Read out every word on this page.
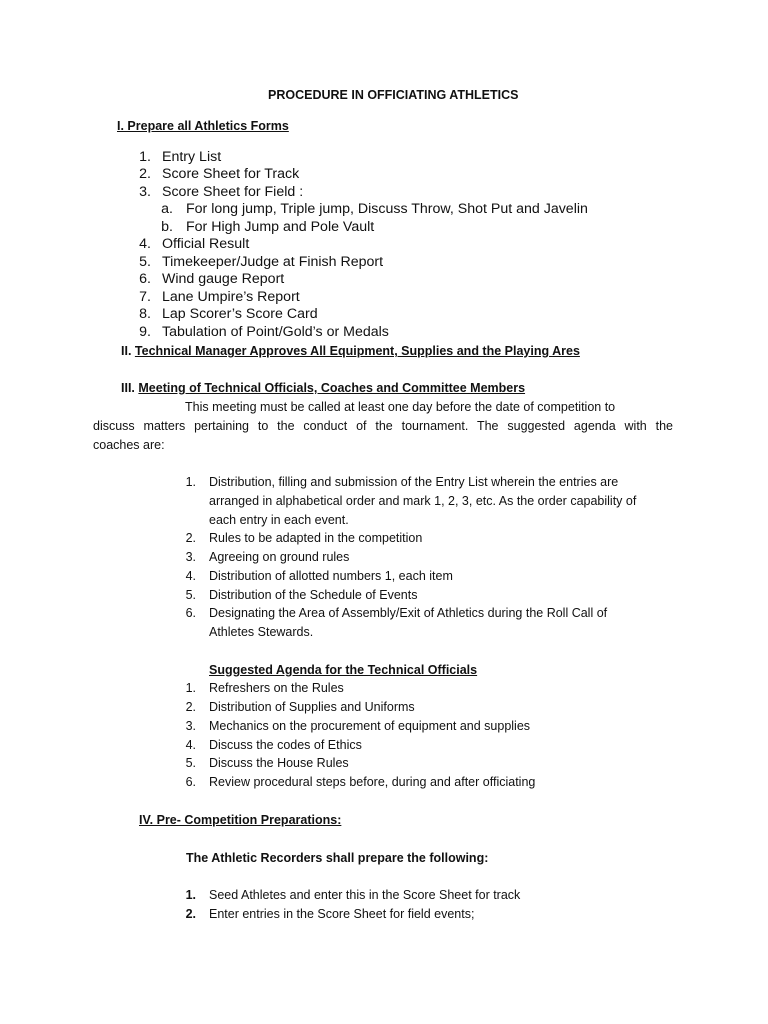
PROCEDURE IN OFFICIATING ATHLETICS
I. Prepare all Athletics Forms
1. Entry List
2. Score Sheet for Track
3. Score Sheet for Field :
a. For long jump, Triple jump, Discuss Throw, Shot Put and Javelin
b. For High Jump and Pole Vault
4. Official Result
5. Timekeeper/Judge at Finish Report
6. Wind gauge Report
7. Lane Umpire’s Report
8. Lap Scorer’s Score Card
9. Tabulation of Point/Gold’s or Medals
II. Technical Manager Approves All Equipment, Supplies and the Playing Ares
III. Meeting of Technical Officials, Coaches and Committee Members
This meeting must be called at least one day before the date of competition to
discuss matters pertaining to the conduct of the tournament. The suggested agenda with the
coaches are:
1. Distribution, filling and submission of the Entry List wherein the entries are
arranged in alphabetical order and mark 1, 2, 3, etc. As the order capability of
each entry in each event.
2. Rules to be adapted in the competition
3. Agreeing on ground rules
4. Distribution of allotted numbers 1, each item
5. Distribution of the Schedule of Events
6. Designating the Area of Assembly/Exit of Athletics during the Roll Call of
Athletes Stewards.
Suggested Agenda for the Technical Officials
1. Refreshers on the Rules
2. Distribution of Supplies and Uniforms
3. Mechanics on the procurement of equipment and supplies
4. Discuss the codes of Ethics
5. Discuss the House Rules
6. Review procedural steps before, during and after officiating
IV. Pre- Competition Preparations:
The Athletic Recorders shall prepare the following:
1. Seed Athletes and enter this in the Score Sheet for track
2. Enter entries in the Score Sheet for field events;
